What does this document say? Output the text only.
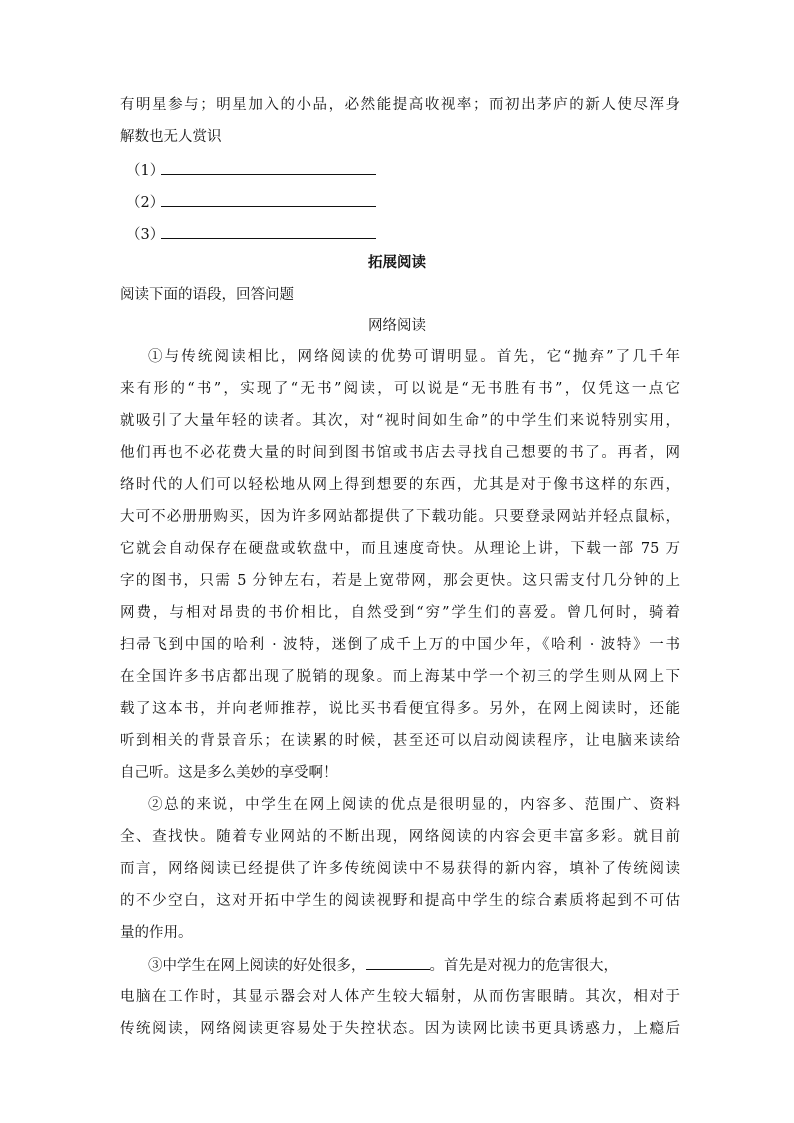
有明星参与；明星加入的小品，必然能提高收视率；而初出茅庐的新人使尽浑身
解数也无人赏识
（1）
（2）
（3）
拓展阅读
阅读下面的语段，回答问题
网络阅读
①与传统阅读相比，网络阅读的优势可谓明显。首先，它“抛弃”了几千年
来有形的“书”，实现了“无书”阅读，可以说是“无书胜有书”，仅凭这一点它
就吸引了大量年轻的读者。其次，对“视时间如生命”的中学生们来说特别实用，
他们再也不必花费大量的时间到图书馆或书店去寻找自己想要的书了。再者，网
络时代的人们可以轻松地从网上得到想要的东西，尤其是对于像书这样的东西，
大可不必册册购买，因为许多网站都提供了下载功能。只要登录网站并轻点鼠标，
它就会自动保存在硬盘或软盘中，而且速度奇快。从理论上讲，下载一部 75 万
字的图书，只需 5 分钟左右，若是上宽带网，那会更快。这只需支付几分钟的上
网费，与相对昂贵的书价相比，自然受到“穷”学生们的喜爱。曾几何时，骑着
扫帚飞到中国的哈利 · 波特，迷倒了成千上万的中国少年，《哈利 · 波特》一书
在全国许多书店都出现了脱销的现象。而上海某中学一个初三的学生则从网上下
载了这本书，并向老师推荐，说比买书看便宜得多。另外，在网上阅读时，还能
听到相关的背景音乐；在读累的时候，甚至还可以启动阅读程序，让电脑来读给
自己听。这是多么美妙的享受啊！
②总的来说，中学生在网上阅读的优点是很明显的，内容多、范围广、资料
全、查找快。随着专业网站的不断出现，网络阅读的内容会更丰富多彩。就目前
而言，网络阅读已经提供了许多传统阅读中不易获得的新内容，填补了传统阅读
的不少空白，这对开拓中学生的阅读视野和提高中学生的综合素质将起到不可估
量的作用。
③中学生在网上阅读的好处很多，	。首先是对视力的危害很大，
电脑在工作时，其显示器会对人体产生较大辐射，从而伤害眼睛。其次，相对于
传统阅读，网络阅读更容易处于失控状态。因为读网比读书更具诱惑力，上瘾后
